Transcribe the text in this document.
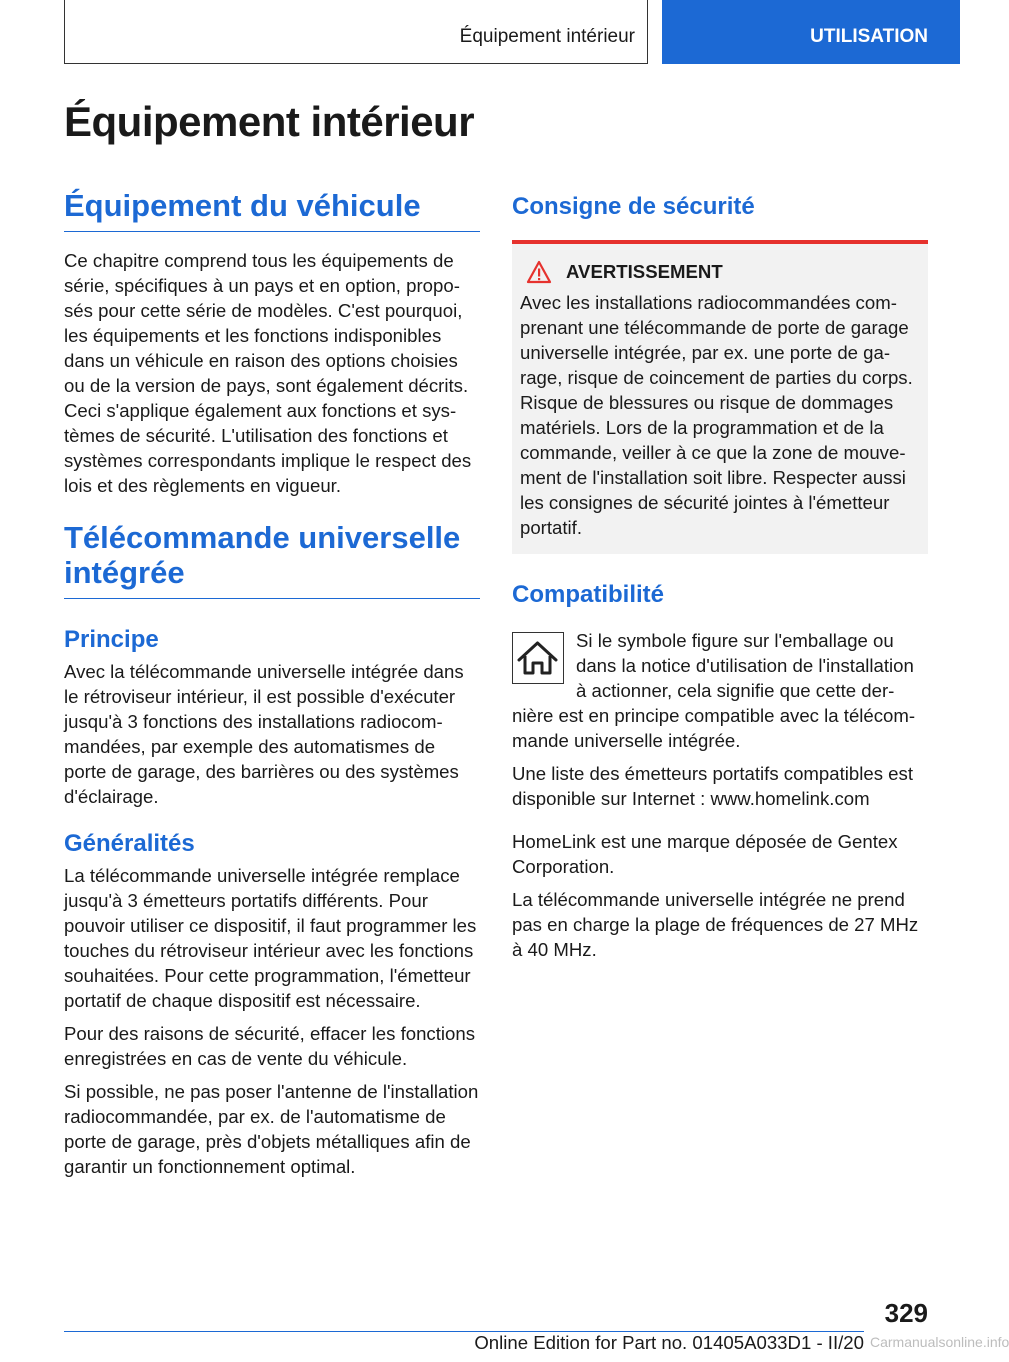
Équipement intérieur	UTILISATION
Équipement intérieur
Équipement du véhicule

Ce chapitre comprend tous les équipements de série, spécifiques à un pays et en option, proposés pour cette série de modèles. C'est pourquoi, les équipements et les fonctions indisponibles dans un véhicule en raison des options choisies ou de la version de pays, sont également décrits. Ceci s'applique également aux fonctions et systèmes de sécurité. L'utilisation des fonctions et systèmes correspondants implique le respect des lois et des règlements en vigueur.

Télécommande universelle intégrée
Principe

Avec la télécommande universelle intégrée dans le rétroviseur intérieur, il est possible d'exécuter jusqu'à 3 fonctions des installations radiocommandées, par exemple des automatismes de porte de garage, des barrières ou des systèmes d'éclairage.

Généralités

La télécommande universelle intégrée remplace jusqu'à 3 émetteurs portatifs différents. Pour pouvoir utiliser ce dispositif, il faut programmer les touches du rétroviseur intérieur avec les fonctions souhaitées. Pour cette programmation, l'émetteur portatif de chaque dispositif est nécessaire.

Pour des raisons de sécurité, effacer les fonctions enregistrées en cas de vente du véhicule.

Si possible, ne pas poser l'antenne de l'installation radiocommandée, par ex. de l'automatisme de porte de garage, près d'objets métalliques afin de garantir un fonctionnement optimal.

Consigne de sécurité
AVERTISSEMENT

Avec les installations radiocommandées comprenant une télécommande de porte de garage universelle intégrée, par ex. une porte de garage, risque de coincement de parties du corps. Risque de blessures ou risque de dommages matériels. Lors de la programmation et de la commande, veiller à ce que la zone de mouvement de l'installation soit libre. Respecter aussi les consignes de sécurité jointes à l'émetteur portatif.

Compatibilité

Si le symbole figure sur l'emballage ou dans la notice d'utilisation de l'installation à actionner, cela signifie que cette dernière est en principe compatible avec la télécommande universelle intégrée.

Une liste des émetteurs portatifs compatibles est disponible sur Internet : www.homelink.com

HomeLink est une marque déposée de Gentex Corporation.

La télécommande universelle intégrée ne prend pas en charge la plage de fréquences de 27 MHz à 40 MHz.

329
Online Edition for Part no. 01405A033D1 - II/20 Carmanualsonline.info
